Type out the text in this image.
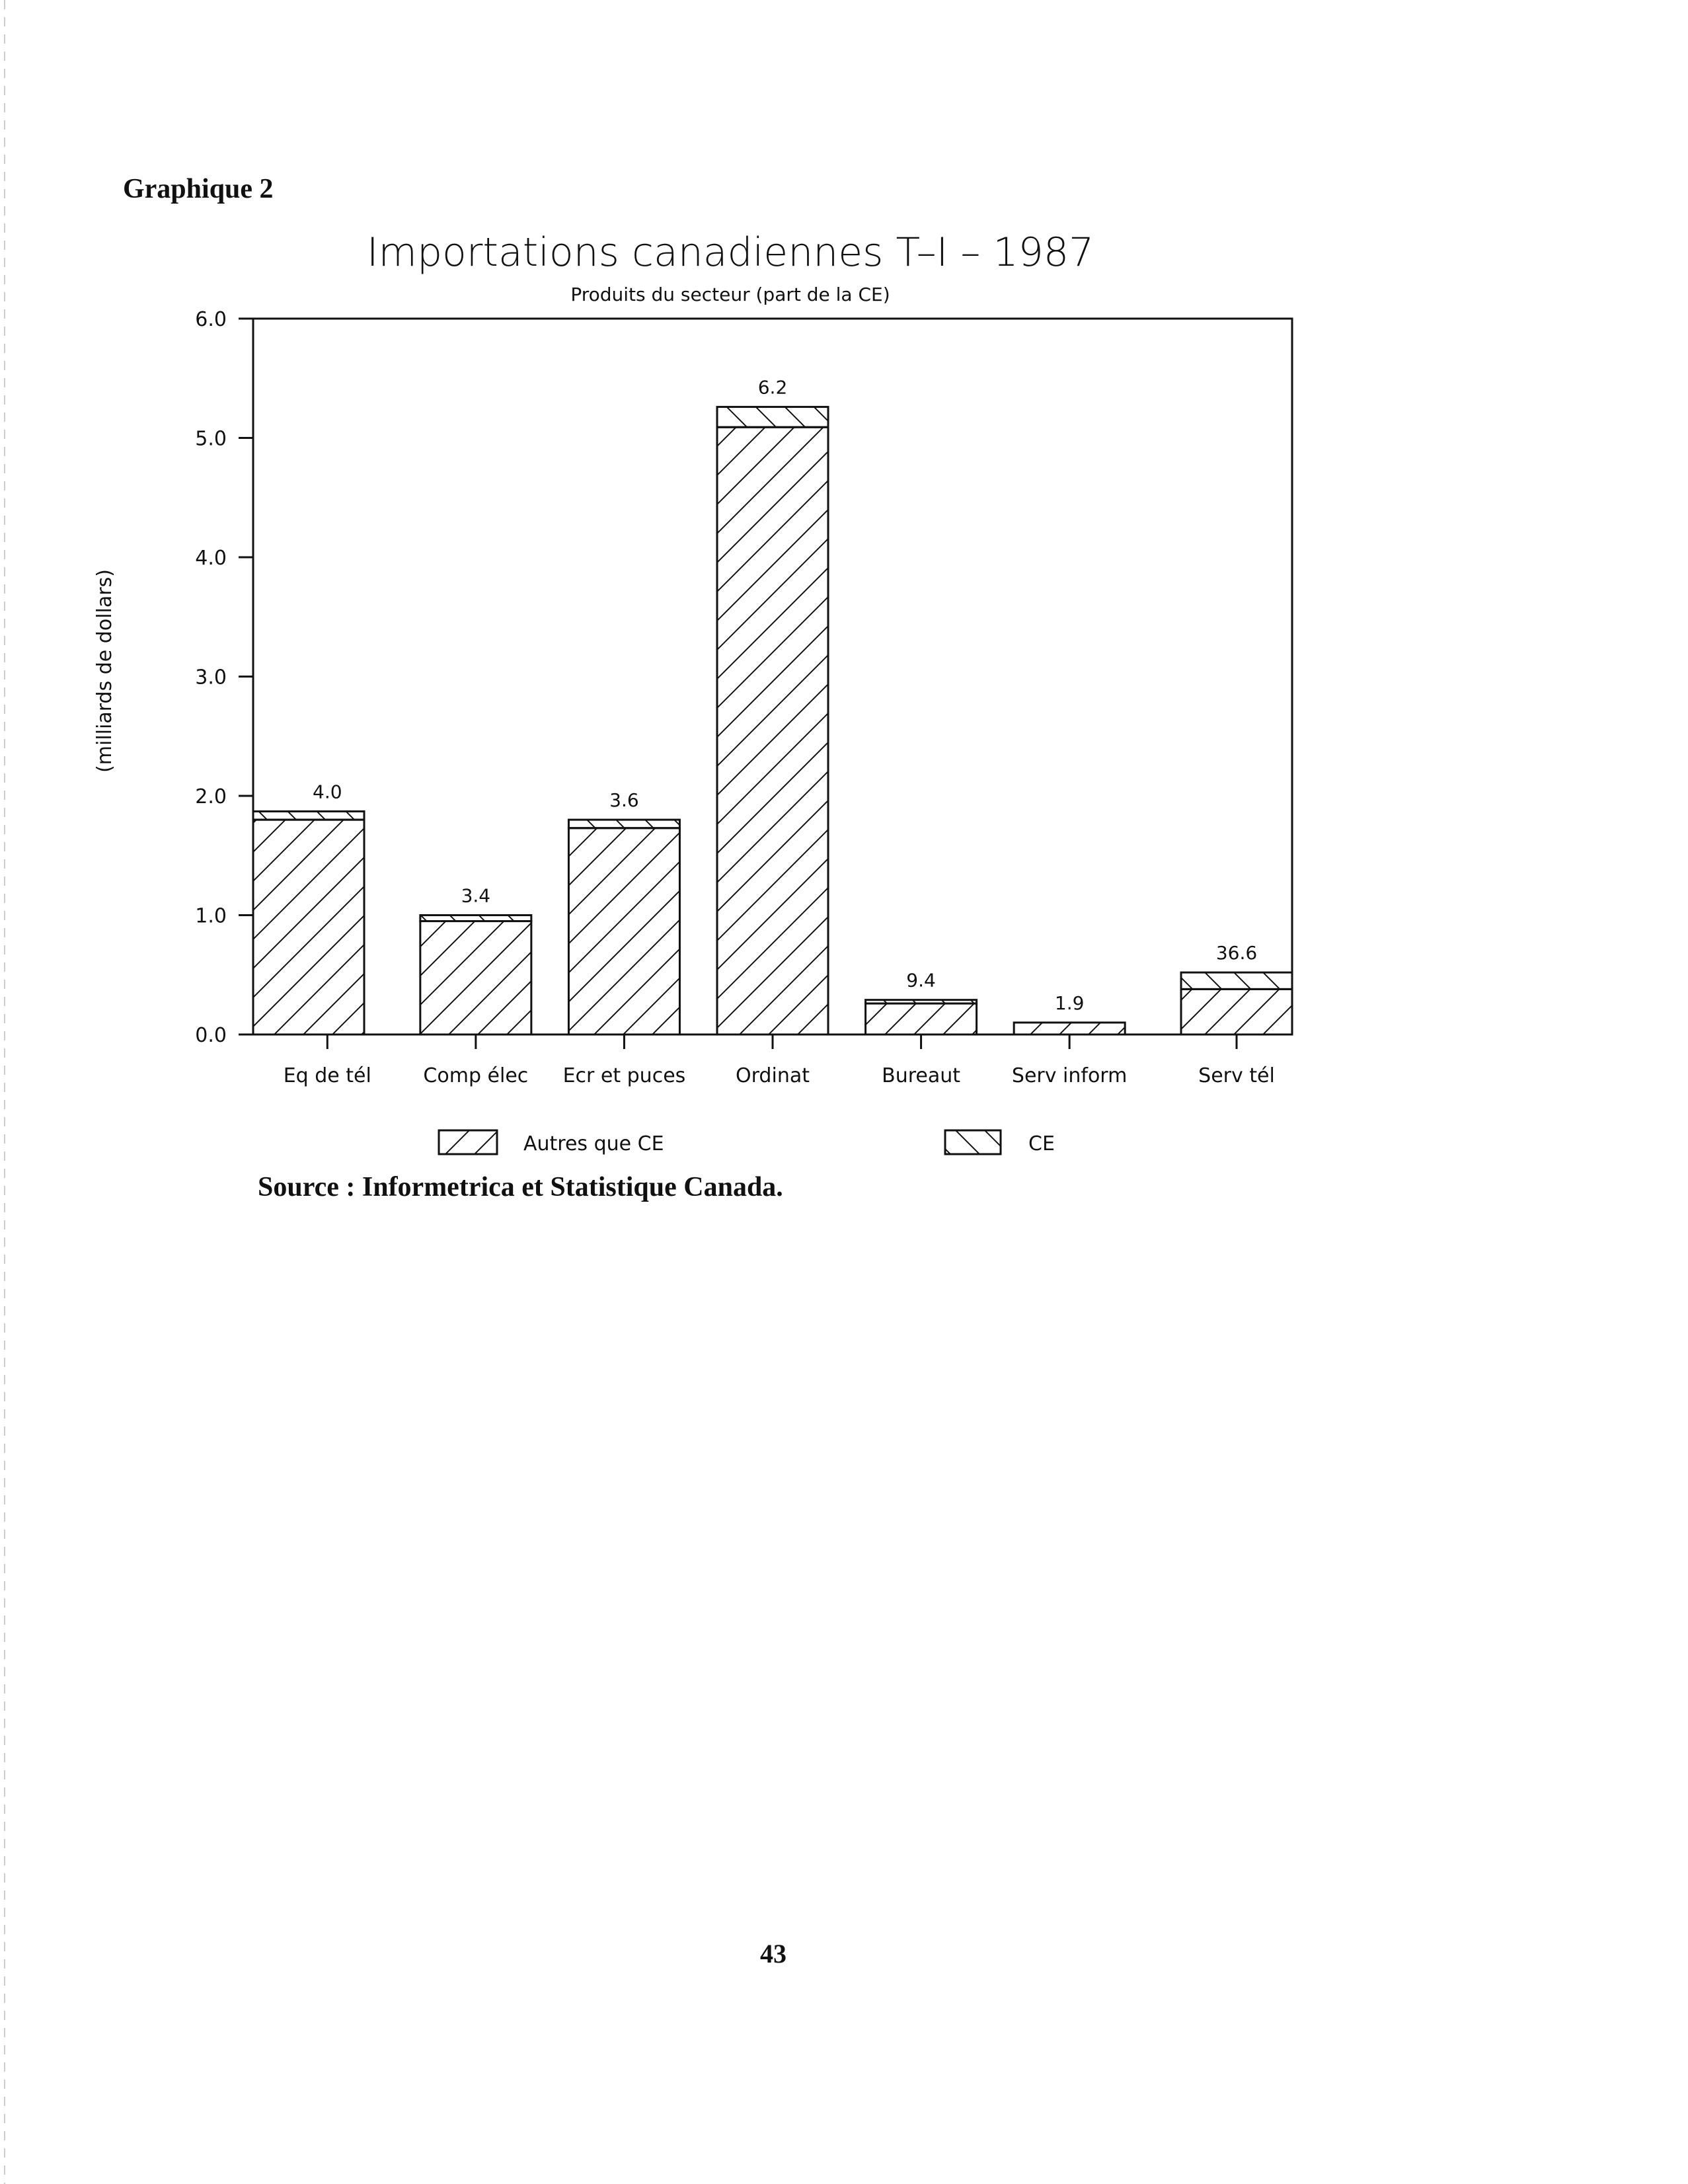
Graphique 2
Importations canadiennes T–I – 1987
Produits du secteur (part de la CE)
(milliards de dollars)
0.0
1.0
2.0
3.0
4.0
5.0
6.0
4.0
3.4
3.6
6.2
9.4
1.9
36.6
Eq de tél	Comp élec Ecr et puces	Ordinat	Bureaut	Serv inform	Serv tél
Autres que CE	CE
Source : Informetrica et Statistique Canada.
43
